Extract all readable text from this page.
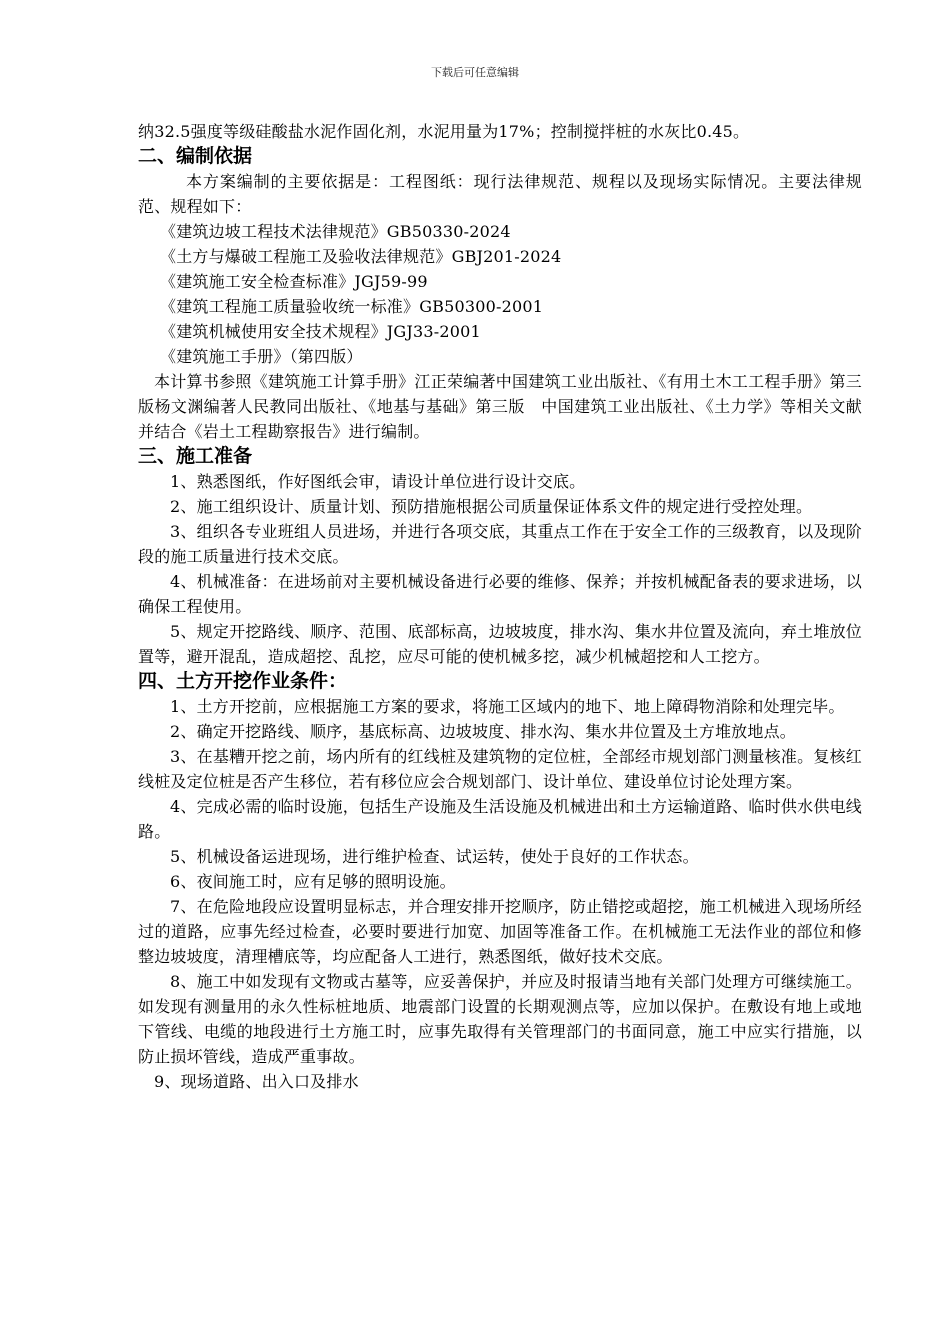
下载后可任意编辑

纳32.5强度等级硅酸盐水泥作固化剂，水泥用量为17%；控制搅拌桩的水灰比0.45。

二、编制依据

本方案编制的主要依据是：工程图纸：现行法律规范、规程以及现场实际情况。主要法律规范、规程如下：

《建筑边坡工程技术法律规范》GB50330-2024

《土方与爆破工程施工及验收法律规范》GBJ201-2024

《建筑施工安全检查标准》JGJ59-99

《建筑工程施工质量验收统一标准》GB50300-2001

《建筑机械使用安全技术规程》JGJ33-2001

《建筑施工手册》（第四版）

本计算书参照《建筑施工计算手册》江正荣编著中国建筑工业出版社、《有用土木工工程手册》第三版杨文渊编著人民教同出版社、《地基与基础》第三版　中国建筑工业出版社、《土力学》等相关文献并结合《岩土工程勘察报告》进行编制。

三、施工准备

1、熟悉图纸，作好图纸会审，请设计单位进行设计交底。

2、施工组织设计、质量计划、预防措施根据公司质量保证体系文件的规定进行受控处理。

3、组织各专业班组人员进场，并进行各项交底，其重点工作在于安全工作的三级教育，以及现阶段的施工质量进行技术交底。

4、机械准备：在进场前对主要机械设备进行必要的维修、保养；并按机械配备表的要求进场，以确保工程使用。

5、规定开挖路线、顺序、范围、底部标高，边坡坡度，排水沟、集水井位置及流向，弃土堆放位置等，避开混乱，造成超挖、乱挖，应尽可能的使机械多挖，减少机械超挖和人工挖方。

四、土方开挖作业条件：

1、土方开挖前，应根据施工方案的要求，将施工区域内的地下、地上障碍物消除和处理完毕。

2、确定开挖路线、顺序，基底标高、边坡坡度、排水沟、集水井位置及土方堆放地点。

3、在基糟开挖之前，场内所有的红线桩及建筑物的定位桩，全部经市规划部门测量核准。复核红线桩及定位桩是否产生移位，若有移位应会合规划部门、设计单位、建设单位讨论处理方案。

4、完成必需的临时设施，包括生产设施及生活设施及机械进出和土方运输道路、临时供水供电线路。

5、机械设备运进现场，进行维护检查、试运转，使处于良好的工作状态。

6、夜间施工时，应有足够的照明设施。

7、在危险地段应设置明显标志，并合理安排开挖顺序，防止错挖或超挖，施工机械进入现场所经过的道路，应事先经过检查，必要时要进行加宽、加固等准备工作。在机械施工无法作业的部位和修整边坡坡度，清理槽底等，均应配备人工进行，熟悉图纸，做好技术交底。

8、施工中如发现有文物或古墓等，应妥善保护，并应及时报请当地有关部门处理方可继续施工。如发现有测量用的永久性标桩地质、地震部门设置的长期观测点等，应加以保护。在敷设有地上或地下管线、电缆的地段进行土方施工时，应事先取得有关管理部门的书面同意，施工中应实行措施，以防止损坏管线，造成严重事故。

9、现场道路、出入口及排水
